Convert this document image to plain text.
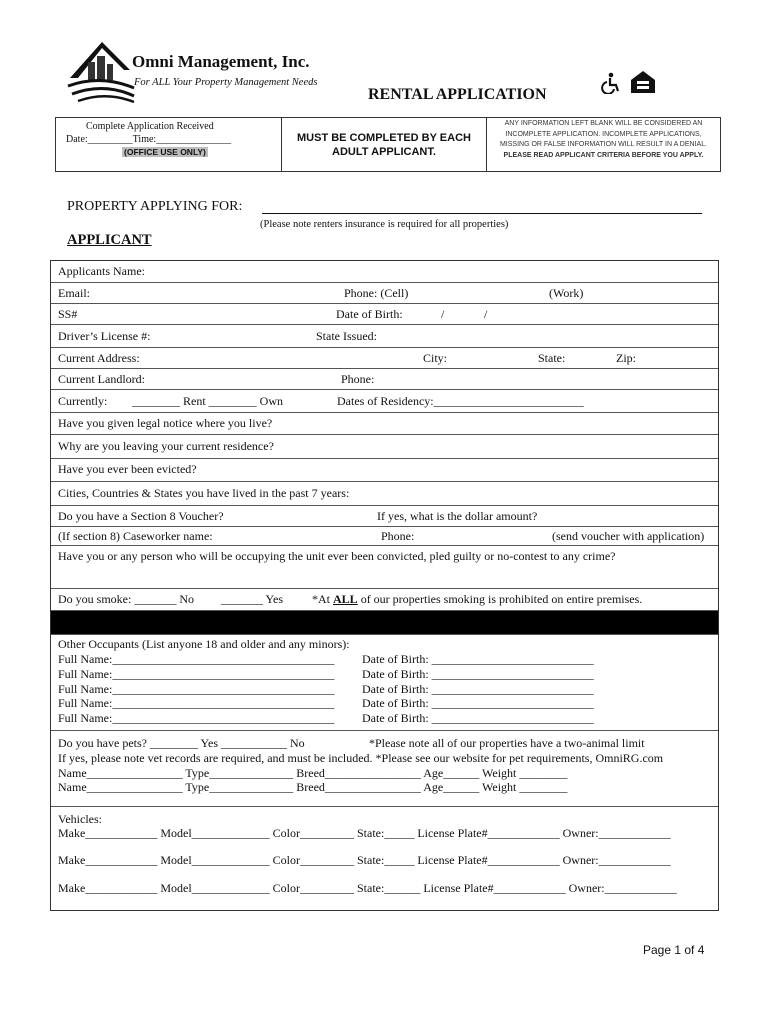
Omni Management, Inc.
For ALL Your Property Management Needs
RENTAL APPLICATION
Complete Application Received
Date:_________Time:_______________
(OFFICE USE ONLY)
MUST BE COMPLETED BY EACH ADULT APPLICANT.
ANY INFORMATION LEFT BLANK WILL BE CONSIDERED AN INCOMPLETE APPLICATION. INCOMPLETE APPLICATIONS, MISSING OR FALSE INFORMATION WILL RESULT IN A DENIAL. PLEASE READ APPLICANT CRITERIA BEFORE YOU APPLY.
PROPERTY APPLYING FOR:
(Please note renters insurance is required for all properties)
APPLICANT
Applicants Name:
Email:	Phone: (Cell)	(Work)
SS#	Date of Birth:	/	/
Driver’s License #:	State Issued:
Current Address:	City:	State:	Zip:
Current Landlord:	Phone:
Currently: ________ Rent ________ Own	Dates of Residency:_________________________
Have you given legal notice where you live?
Why are you leaving your current residence?
Have you ever been evicted?
Cities, Countries & States you have lived in the past 7 years:
Do you have a Section 8 Voucher?	If yes, what is the dollar amount?
(If section 8) Caseworker name:	Phone:	(send voucher with application)
Have you or any person who will be occupying the unit ever been convicted, pled guilty or no-contest to any crime?
Do you smoke: _______ No _______ Yes *At ALL of our properties smoking is prohibited on entire premises.
Other Occupants (List anyone 18 and older and any minors):
Full Name:_____________________________________ Date of Birth: ___________________________
Full Name:_____________________________________ Date of Birth: ___________________________
Full Name:_____________________________________ Date of Birth: ___________________________
Full Name:_____________________________________ Date of Birth: ___________________________
Full Name:_____________________________________ Date of Birth: ___________________________
Do you have pets? ________ Yes ___________ No	*Please note all of our properties have a two-animal limit
If yes, please note vet records are required, and must be included. *Please see our website for pet requirements, OmniRG.com
Name________________ Type______________ Breed________________ Age______ Weight ________
Name________________ Type______________ Breed________________ Age______ Weight ________
Vehicles:
Make____________ Model_____________ Color_________ State:_____ License Plate#____________ Owner:____________
Make____________ Model_____________ Color_________ State:_____ License Plate#____________ Owner:____________
Make____________ Model_____________ Color_________ State:______ License Plate#____________ Owner:____________
Page 1 of 4
